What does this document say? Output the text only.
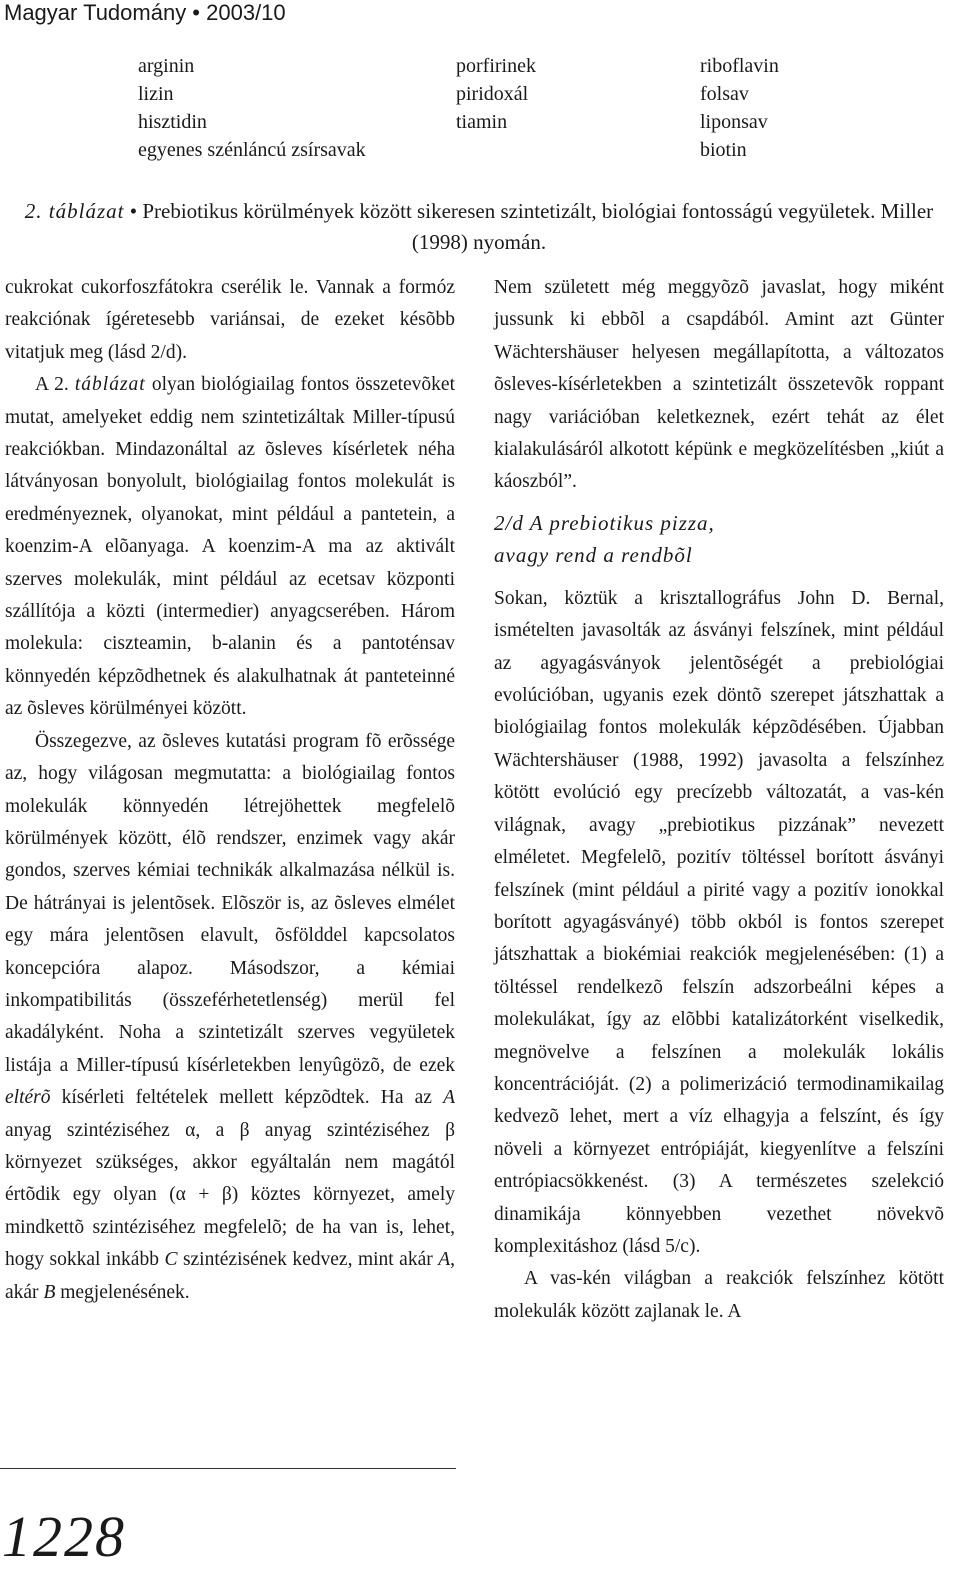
Magyar Tudomány • 2003/10
arginin
lizin
hisztidin
egyenes szénláncú zsírsavak
porfirinek
piridoxál
tiamin
riboflavin
folsav
liponsav
biotin
2. táblázat • Prebiotikus körülmények között sikeresen szintetizált, biológiai fontosságú vegyületek. Miller (1998) nyomán.

cukrokat cukorfoszfátokra cserélik le. Vannak a formóz reakciónak ígéretesebb variánsai, de ezeket késõbb vitatjuk meg (lásd 2/d).

A 2. táblázat olyan biológiailag fontos összetevõket mutat, amelyeket eddig nem szintetizáltak Miller-típusú reakciókban. Mindazonáltal az õsleves kísérletek néha látványosan bonyolult, biológiailag fontos molekulát is eredményeznek, olyanokat, mint például a pantetein, a koenzim-A elõanyaga. A koenzim-A ma az aktivált szerves molekulák, mint például az ecetsav központi szállítója a közti (intermedier) anyagcserében. Három molekula: ciszteamin, b-alanin és a pantoténsav könnyedén képzõdhetnek és alakulhatnak át panteteinné az õsleves körülményei között.

Összegezve, az õsleves kutatási program fõ erõssége az, hogy világosan megmutatta: a biológiailag fontos molekulák könnyedén létrejöhettek megfelelõ körülmények között, élõ rendszer, enzimek vagy akár gondos, szerves kémiai technikák alkalmazása nélkül is. De hátrányai is jelentõsek. Elõször is, az õsleves elmélet egy mára jelentõsen elavult, õsfölddel kapcsolatos koncepcióra alapoz. Másodszor, a kémiai inkompatibilitás (összeférhetetlenség) merül fel akadályként. Noha a szintetizált szerves vegyületek listája a Miller-típusú kísérletekben lenyûgözõ, de ezek eltérõ kísérleti feltételek mellett képzõdtek. Ha az A anyag szintéziséhez α, a β anyag szintéziséhez β környezet szükséges, akkor egyáltalán nem magától értõdik egy olyan (α + β) köztes környezet, amely mindkettõ szintéziséhez megfelelõ; de ha van is, lehet, hogy sokkal inkább C szintézisének kedvez, mint akár A, akár B megjelenésének.

Nem született még meggyõzõ javaslat, hogy miként jussunk ki ebbõl a csapdából. Amint azt Günter Wächtershäuser helyesen megállapította, a változatos õsleves-kísérletekben a szintetizált összetevõk roppant nagy variációban keletkeznek, ezért tehát az élet kialakulásáról alkotott képünk e megközelítésben „kiút a káoszból”.

2/d A prebiotikus pizza,
avagy rend a rendbõl

Sokan, köztük a krisztallográfus John D. Bernal, ismételten javasolták az ásványi felszínek, mint például az agyagásványok jelentõségét a prebiológiai evolúcióban, ugyanis ezek döntõ szerepet játszhattak a biológiailag fontos molekulák képzõdésében. Újabban Wächtershäuser (1988, 1992) javasolta a felszínhez kötött evolúció egy precízebb változatát, a vas-kén világnak, avagy „prebiotikus pizzának” nevezett elméletet. Megfelelõ, pozitív töltéssel borított ásványi felszínek (mint például a pirité vagy a pozitív ionokkal borított agyagásványé) több okból is fontos szerepet játszhattak a biokémiai reakciók megjelenésében: (1) a töltéssel rendelkezõ felszín adszorbeálni képes a molekulákat, így az elõbbi katalizátorként viselkedik, megnövelve a felszínen a molekulák lokális koncentrációját. (2) a polimerizáció termodinamikailag kedvezõ lehet, mert a víz elhagyja a felszínt, és így növeli a környezet entrópiáját, kiegyenlítve a felszíni entrópiacsökkenést. (3) A természetes szelekció dinamikája könnyebben vezethet növekvõ komplexitáshoz (lásd 5/c).

A vas-kén világban a reakciók felszínhez kötött molekulák között zajlanak le. A

1228
